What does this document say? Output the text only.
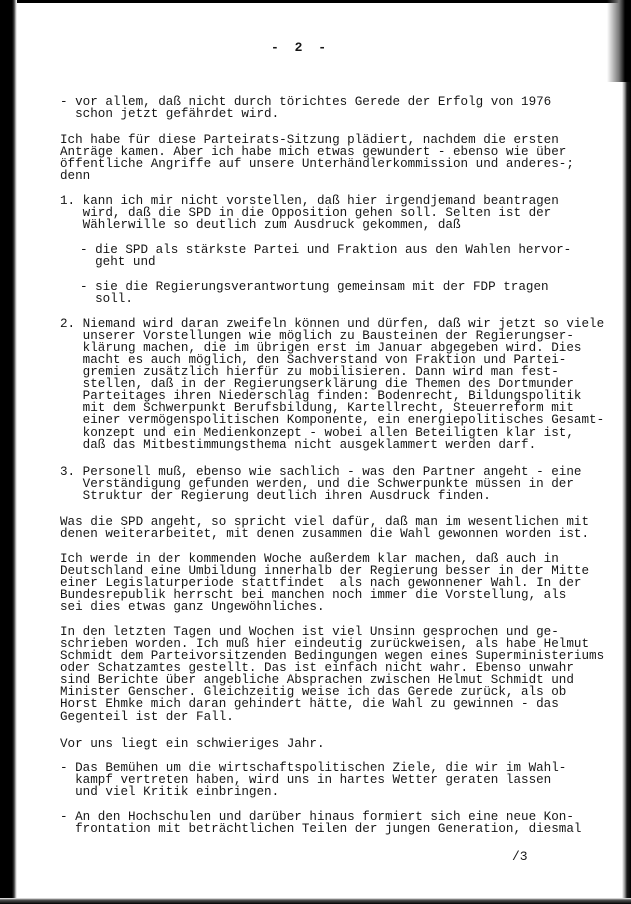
- 2 -

- vor allem, daß nicht durch törichtes Gerede der Erfolg von 1976

schon jetzt gefährdet wird.

Ich habe für diese Parteirats-Sitzung plädiert, nachdem die ersten

Anträge kamen. Aber ich habe mich etwas gewundert - ebenso wie über

öffentliche Angriffe auf unsere Unterhändlerkommission und anderes-;

denn

1. kann ich mir nicht vorstellen, daß hier irgendjemand beantragen

wird, daß die SPD in die Opposition gehen soll. Selten ist der

Wählerwille so deutlich zum Ausdruck gekommen, daß

- die SPD als stärkste Partei und Fraktion aus den Wahlen hervor-

geht und

- sie die Regierungsverantwortung gemeinsam mit der FDP tragen

soll.

2. Niemand wird daran zweifeln können und dürfen, daß wir jetzt so viele

unserer Vorstellungen wie möglich zu Bausteinen der Regierungser-

klärung machen, die im übrigen erst im Januar abgegeben wird. Dies

macht es auch möglich, den Sachverstand von Fraktion und Partei-

gremien zusätzlich hierfür zu mobilisieren. Dann wird man fest-

stellen, daß in der Regierungserklärung die Themen des Dortmunder

Parteitages ihren Niederschlag finden: Bodenrecht, Bildungspolitik

mit dem Schwerpunkt Berufsbildung, Kartellrecht, Steuerreform mit

einer vermögenspolitischen Komponente, ein energiepolitisches Gesamt-

konzept und ein Medienkonzept - wobei allen Beteiligten klar ist,

daß das Mitbestimmungsthema nicht ausgeklammert werden darf.

3. Personell muß, ebenso wie sachlich - was den Partner angeht - eine

Verständigung gefunden werden, und die Schwerpunkte müssen in der

Struktur der Regierung deutlich ihren Ausdruck finden.

Was die SPD angeht, so spricht viel dafür, daß man im wesentlichen mit

denen weiterarbeitet, mit denen zusammen die Wahl gewonnen worden ist.

Ich werde in der kommenden Woche außerdem klar machen, daß auch in

Deutschland eine Umbildung innerhalb der Regierung besser in der Mitte

einer Legislaturperiode stattfindet  als nach gewonnener Wahl. In der

Bundesrepublik herrscht bei manchen noch immer die Vorstellung, als

sei dies etwas ganz Ungewöhnliches.

In den letzten Tagen und Wochen ist viel Unsinn gesprochen und ge-

schrieben worden. Ich muß hier eindeutig zurückweisen, als habe Helmut

Schmidt dem Parteivorsitzenden Bedingungen wegen eines Superministeriums

oder Schatzamtes gestellt. Das ist einfach nicht wahr. Ebenso unwahr

sind Berichte über angebliche Absprachen zwischen Helmut Schmidt und

Minister Genscher. Gleichzeitig weise ich das Gerede zurück, als ob

Horst Ehmke mich daran gehindert hätte, die Wahl zu gewinnen - das

Gegenteil ist der Fall.

Vor uns liegt ein schwieriges Jahr.

- Das Bemühen um die wirtschaftspolitischen Ziele, die wir im Wahl-

kampf vertreten haben, wird uns in hartes Wetter geraten lassen

und viel Kritik einbringen.

- An den Hochschulen und darüber hinaus formiert sich eine neue Kon-

frontation mit beträchtlichen Teilen der jungen Generation, diesmal

/3
